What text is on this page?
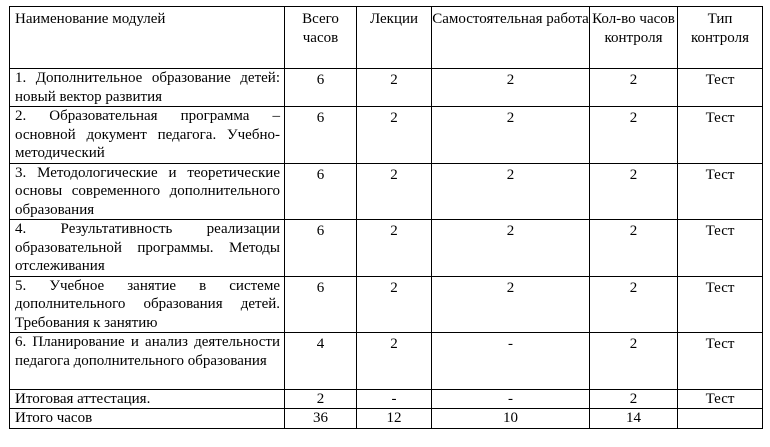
Наименование модулей	Всего часов	Лекции	Самостоятельная работа	Кол-во часов контроля	Тип контроля
1. Дополнительное образование детей: новый вектор развития	6	2	2	2	Тест
2. Образовательная программа – основной документ педагога. Учебно-методический	6	2	2	2	Тест
3. Методологические и теоретические основы современного дополнительного образования	6	2	2	2	Тест
4. Результативность реализации образовательной программы. Методы отслеживания	6	2	2	2	Тест
5. Учебное занятие в системе дополнительного образования детей. Требования к занятию	6	2	2	2	Тест
6. Планирование и анализ деятельности педагога дополнительного образования	4	2	-	2	Тест
Итоговая аттестация.	2	-	-	2	Тест
Итого часов	36	12	10	14	
